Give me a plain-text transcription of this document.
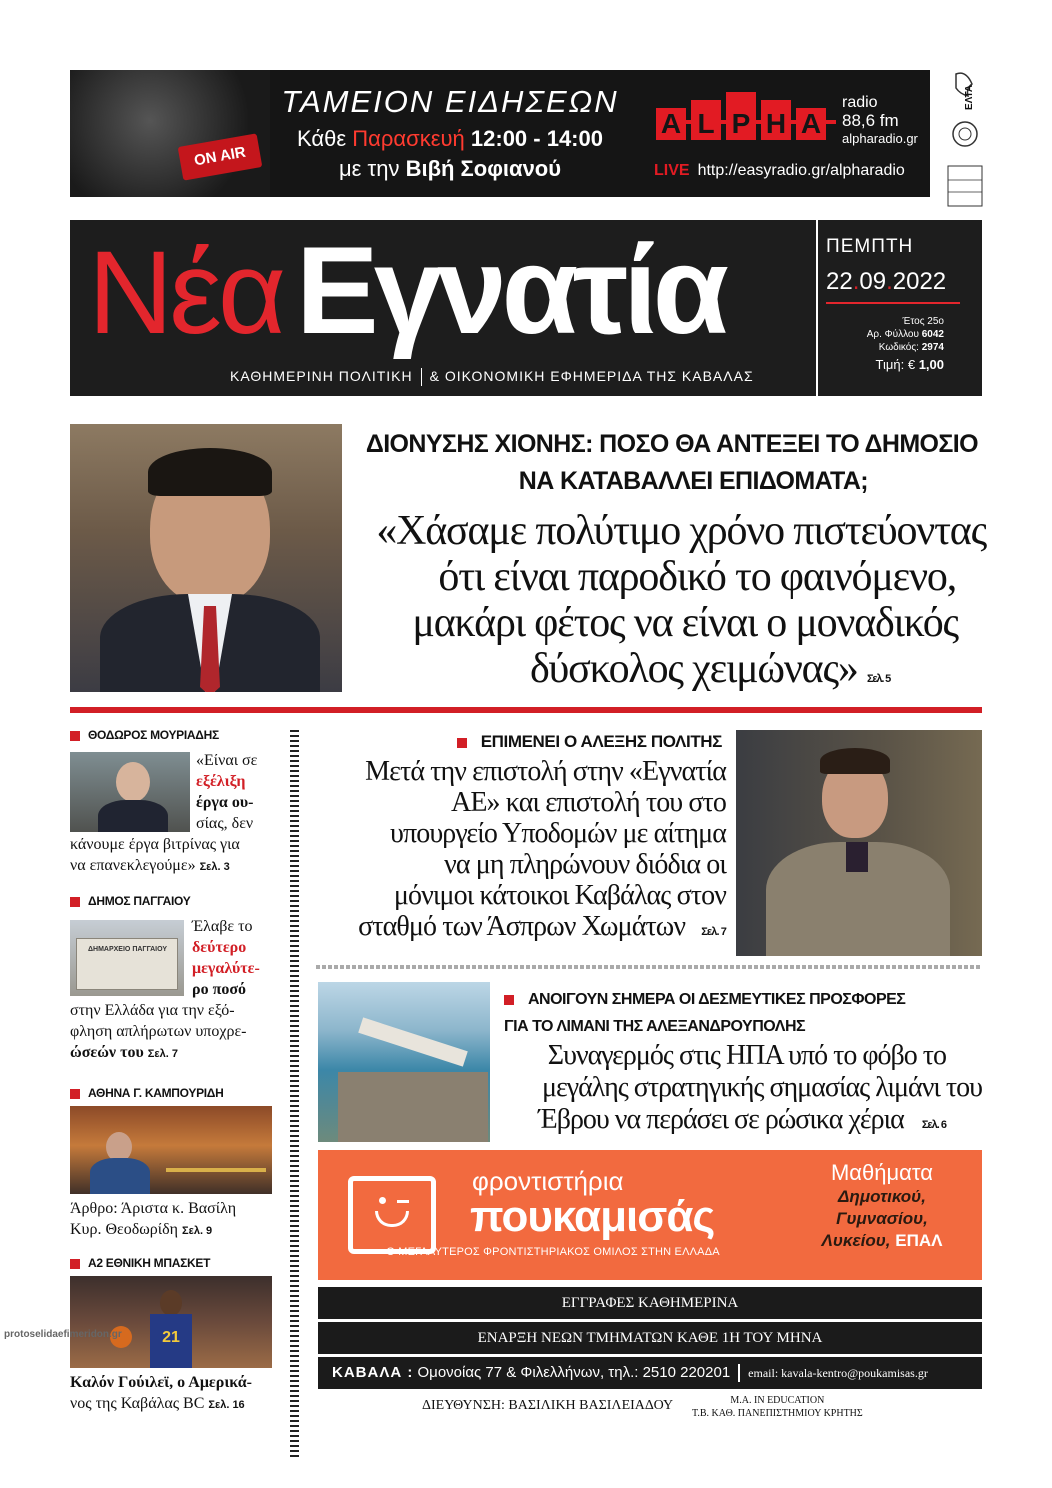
ON AIR
ΤΑΜΕΙΟΝ ΕΙΔΗΣΕΩΝ
Κάθε Παρασκευή 12:00 - 14:00
με την Βιβή Σοφιανού
A L P H A
radio
88,6 fm
alpharadio.gr
LIVE http://easyradio.gr/alpharadio
ΕΛΤΑ
Νέα Εγνατία
ΚΑΘΗΜΕΡΙΝΗ ΠΟΛΙΤΙΚΗ & ΟΙΚΟΝΟΜΙΚΗ ΕΦΗΜΕΡΙΔΑ ΤΗΣ ΚΑΒΑΛΑΣ
ΠΕΜΠΤΗ
22.09.2022
Έτος 25ο
Αρ. Φύλλου 6042
Κωδικός: 2974
Τιμή: € 1,00
ΔΙΟΝΥΣΗΣ ΧΙΟΝΗΣ: ΠΟΣΟ ΘΑ ΑΝΤΕΞΕΙ ΤΟ ΔΗΜΟΣΙΟ
ΝΑ ΚΑΤΑΒΑΛΛΕΙ ΕΠΙΔΟΜΑΤΑ;
«Χάσαμε πολύτιμο χρόνο πιστεύοντας
ότι είναι παροδικό το φαινόμενο,
μακάρι φέτος να είναι ο μοναδικός
δύσκολος χειμώνας» Σελ. 5
ΘΟΔΩΡΟΣ ΜΟΥΡΙΑΔΗΣ
«Είναι σε
εξέλιξη
έργα ου-
σίας, δεν
κάνουμε έργα βιτρίνας για
να επανεκλεγούμε» Σελ. 3
ΔΗΜΟΣ ΠΑΓΓΑΙΟΥ
ΔΗΜΑΡΧΕΙΟ ΠΑΓΓΑΙΟΥ
Έλαβε το
δεύτερο
μεγαλύτε-
ρο ποσό
στην Ελλάδα για την εξό-
φληση απλήρωτων υποχρε-
ώσεών του Σελ. 7
ΑΘΗΝΑ Γ. ΚΑΜΠΟΥΡΙΔΗ
Άρθρο: Άριστα κ. Βασίλη
Κυρ. Θεοδωρίδη Σελ. 9
Α2 ΕΘΝΙΚΗ ΜΠΑΣΚΕΤ
21
Καλόν Γούιλεϊ, ο Αμερικά-
νος της Καβάλας BC Σελ. 16
protoselidaefimeridon.gr
ΕΠΙΜΕΝΕΙ Ο ΑΛΕΞΗΣ ΠΟΛΙΤΗΣ
Μετά την επιστολή στην «Εγνατία
ΑΕ» και επιστολή του στο
υπουργείο Υποδομών με αίτημα
να μη πληρώνουν διόδια οι
μόνιμοι κάτοικοι Καβάλας στον
σταθμό των Άσπρων Χωμάτων Σελ. 7
ΑΝΟΙΓΟΥΝ ΣΗΜΕΡΑ ΟΙ ΔΕΣΜΕΥΤΙΚΕΣ ΠΡΟΣΦΟΡΕΣ
ΓΙΑ ΤΟ ΛΙΜΑΝΙ ΤΗΣ ΑΛΕΞΑΝΔΡΟΥΠΟΛΗΣ
Συναγερμός στις ΗΠΑ υπό το φόβο το
μεγάλης στρατηγικής σημασίας λιμάνι του
Έβρου να περάσει σε ρώσικα χέρια Σελ. 6
φροντιστήρια
πουκαμισάς
Ο ΜΕΓΑΛΥΤΕΡΟΣ ΦΡΟΝΤΙΣΤΗΡΙΑΚΟΣ ΟΜΙΛΟΣ ΣΤΗΝ ΕΛΛΑΔΑ
Μαθήματα
Δημοτικού,
Γυμνασίου,
Λυκείου, ΕΠΑΛ
ΕΓΓΡΑΦΕΣ ΚΑΘΗΜΕΡΙΝΑ
ΕΝΑΡΞΗ ΝΕΩΝ ΤΜΗΜΑΤΩΝ ΚΑΘΕ 1Η ΤΟΥ ΜΗΝΑ
ΚΑΒΑΛΑ : Ομονοίας 77 & Φιλελλήνων, τηλ.: 2510 220201 email: kavala-kentro@poukamisas.gr
ΔΙΕΥΘΥΝΣΗ: ΒΑΣΙΛΙΚΗ ΒΑΣΙΛΕΙΑΔΟΥ	M.A. IN EDUCATION
Τ.Β. ΚΑΘ. ΠΑΝΕΠΙΣΤΗΜΙΟΥ ΚΡΗΤΗΣ
